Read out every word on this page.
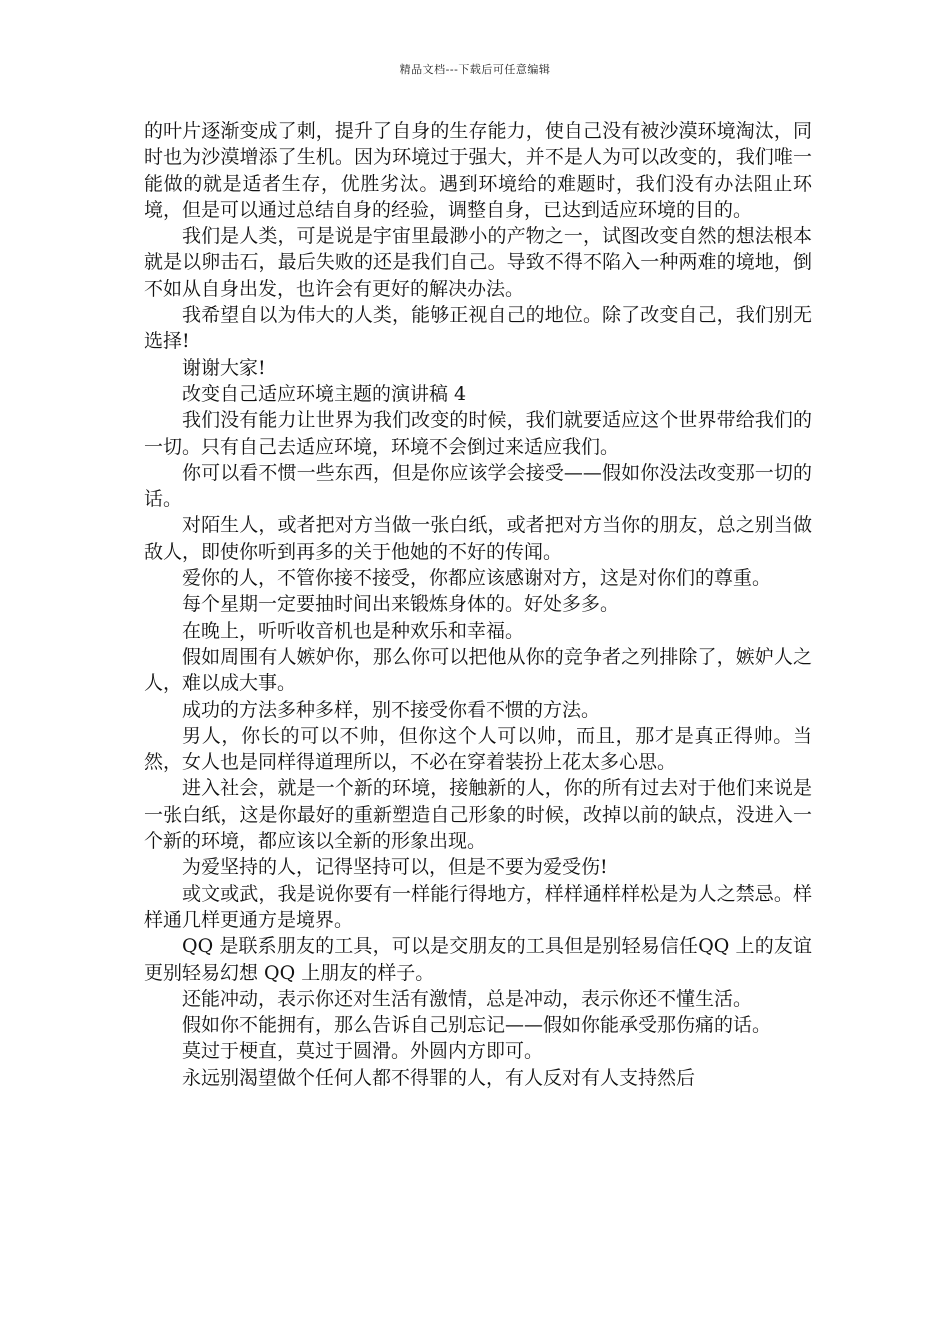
精品文档---下载后可任意编辑

的叶片逐渐变成了刺，提升了自身的生存能力，使自己没有被沙漠环境淘汰，同时也为沙漠增添了生机。因为环境过于强大，并不是人为可以改变的，我们唯一能做的就是适者生存，优胜劣汰。遇到环境给的难题时，我们没有办法阻止环境，但是可以通过总结自身的经验，调整自身，已达到适应环境的目的。

我们是人类，可是说是宇宙里最渺小的产物之一，试图改变自然的想法根本就是以卵击石，最后失败的还是我们自己。导致不得不陷入一种两难的境地，倒不如从自身出发，也许会有更好的解决办法。

我希望自以为伟大的人类，能够正视自己的地位。除了改变自己，我们别无选择!

谢谢大家!

改变自己适应环境主题的演讲稿 4

我们没有能力让世界为我们改变的时候，我们就要适应这个世界带给我们的一切。只有自己去适应环境，环境不会倒过来适应我们。

你可以看不惯一些东西，但是你应该学会接受——假如你没法改变那一切的话。

对陌生人，或者把对方当做一张白纸，或者把对方当你的朋友，总之别当做敌人，即使你听到再多的关于他她的不好的传闻。

爱你的人，不管你接不接受，你都应该感谢对方，这是对你们的尊重。

每个星期一定要抽时间出来锻炼身体的。好处多多。

在晚上，听听收音机也是种欢乐和幸福。

假如周围有人嫉妒你，那么你可以把他从你的竞争者之列排除了，嫉妒人之人，难以成大事。

成功的方法多种多样，别不接受你看不惯的方法。

男人，你长的可以不帅，但你这个人可以帅，而且，那才是真正得帅。当然，女人也是同样得道理所以，不必在穿着装扮上花太多心思。

进入社会，就是一个新的环境，接触新的人，你的所有过去对于他们来说是一张白纸，这是你最好的重新塑造自己形象的时候，改掉以前的缺点，没进入一个新的环境，都应该以全新的形象出现。

为爱坚持的人，记得坚持可以，但是不要为爱受伤!

或文或武，我是说你要有一样能行得地方，样样通样样松是为人之禁忌。样样通几样更通方是境界。

QQ 是联系朋友的工具，可以是交朋友的工具但是别轻易信任QQ 上的友谊更别轻易幻想 QQ 上朋友的样子。

还能冲动，表示你还对生活有激情，总是冲动，表示你还不懂生活。

假如你不能拥有，那么告诉自己别忘记——假如你能承受那伤痛的话。

莫过于梗直，莫过于圆滑。外圆内方即可。

永远别渴望做个任何人都不得罪的人，有人反对有人支持然后
